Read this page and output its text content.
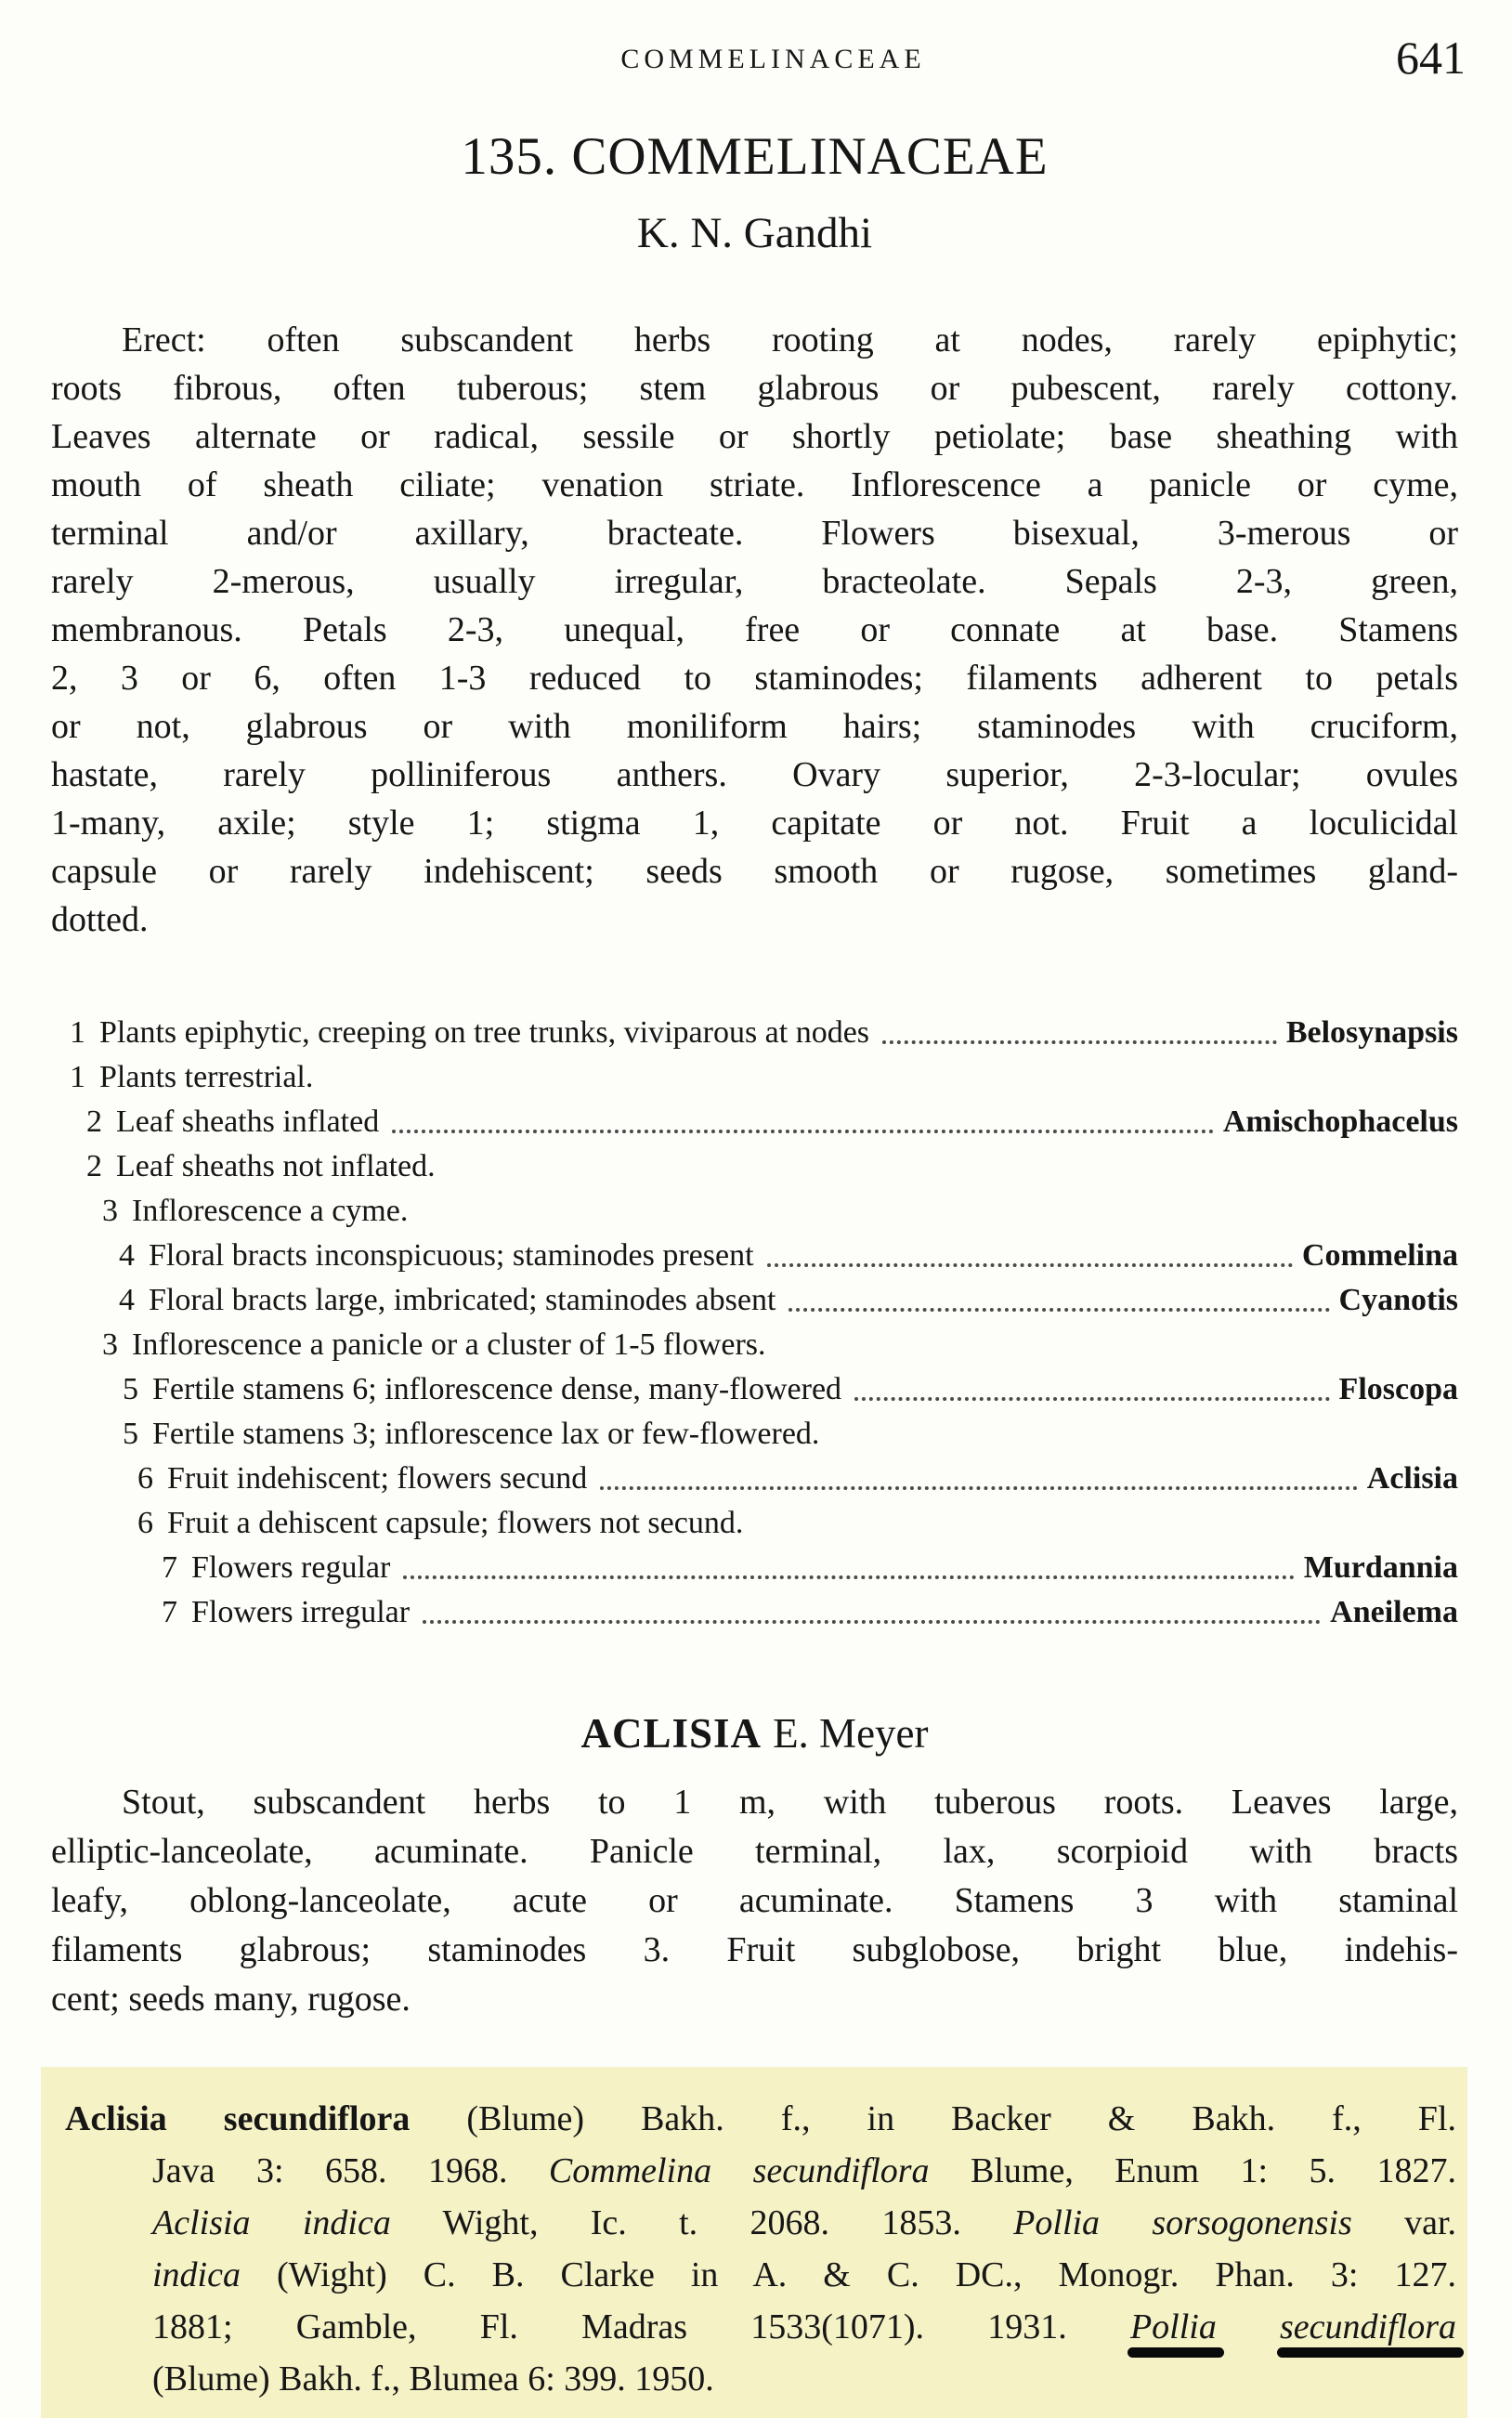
COMMELINACEAE	641
135. COMMELINACEAE
K. N. Gandhi
Erect: often subscandent herbs rooting at nodes, rarely epiphytic;
roots fibrous, often tuberous; stem glabrous or pubescent, rarely cottony.
Leaves alternate or radical, sessile or shortly petiolate; base sheathing with
mouth of sheath ciliate; venation striate. Inflorescence a panicle or cyme,
terminal and/or axillary, bracteate. Flowers bisexual, 3-merous or
rarely 2-merous, usually irregular, bracteolate. Sepals 2-3, green,
membranous. Petals 2-3, unequal, free or connate at base. Stamens
2, 3 or 6, often 1-3 reduced to staminodes; filaments adherent to petals
or not, glabrous or with moniliform hairs; staminodes with cruciform,
hastate, rarely polliniferous anthers. Ovary superior, 2-3-locular; ovules
1-many, axile; style 1; stigma 1, capitate or not. Fruit a loculicidal
capsule or rarely indehiscent; seeds smooth or rugose, sometimes gland-
dotted.
1 Plants epiphytic, creeping on tree trunks, viviparous at nodes	Belosynapsis
1 Plants terrestrial.
2 Leaf sheaths inflated	Amischophacelus
2 Leaf sheaths not inflated.
3 Inflorescence a cyme.
4 Floral bracts inconspicuous; staminodes present	Commelina
4 Floral bracts large, imbricated; staminodes absent	Cyanotis
3 Inflorescence a panicle or a cluster of 1-5 flowers.
5 Fertile stamens 6; inflorescence dense, many-flowered	Floscopa
5 Fertile stamens 3; inflorescence lax or few-flowered.
6 Fruit indehiscent; flowers secund	Aclisia
6 Fruit a dehiscent capsule; flowers not secund.
7 Flowers regular	Murdannia
7 Flowers irregular	Aneilema
ACLISIA E. Meyer
Stout, subscandent herbs to 1 m, with tuberous roots. Leaves large,
elliptic-lanceolate, acuminate. Panicle terminal, lax, scorpioid with bracts
leafy, oblong-lanceolate, acute or acuminate. Stamens 3 with staminal
filaments glabrous; staminodes 3. Fruit subglobose, bright blue, indehis-
cent; seeds many, rugose.
Aclisia secundiflora (Blume) Bakh. f., in Backer & Bakh. f., Fl.
Java 3: 658. 1968. Commelina secundiflora Blume, Enum 1: 5. 1827.
Aclisia indica Wight, Ic. t. 2068. 1853. Pollia sorsogonensis var.
indica (Wight) C. B. Clarke in A. & C. DC., Monogr. Phan. 3: 127.
1881; Gamble, Fl. Madras 1533(1071). 1931. Pollia secundiflora
(Blume) Bakh. f., Blumea 6: 399. 1950.
